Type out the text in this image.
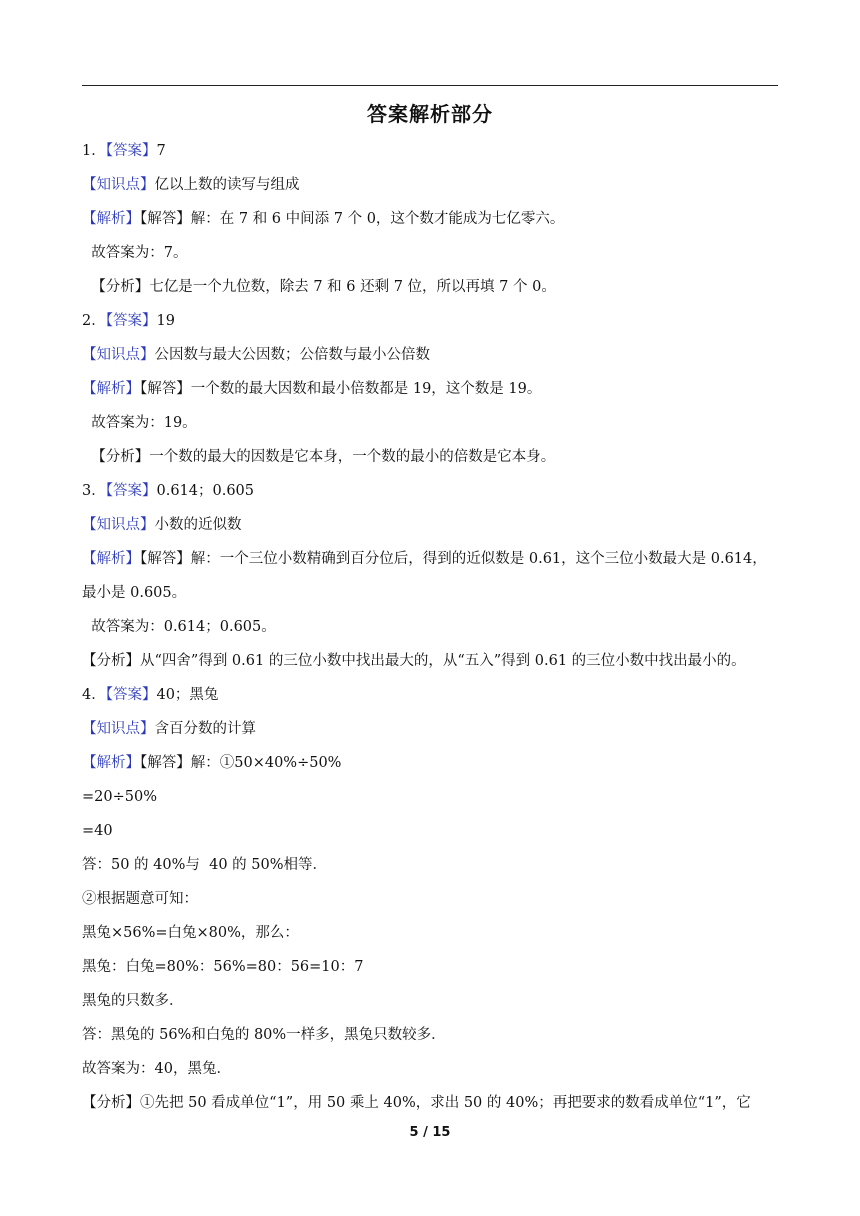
答案解析部分
1．【答案】7
【知识点】亿以上数的读写与组成
【解析】【解答】解：在 7 和 6 中间添 7 个 0，这个数才能成为七亿零六。
故答案为：7。
【分析】七亿是一个九位数，除去 7 和 6 还剩 7 位，所以再填 7 个 0。
2．【答案】19
【知识点】公因数与最大公因数；公倍数与最小公倍数
【解析】【解答】一个数的最大因数和最小倍数都是 19，这个数是 19。
故答案为：19。
【分析】一个数的最大的因数是它本身，一个数的最小的倍数是它本身。
3．【答案】0.614；0.605
【知识点】小数的近似数
【解析】【解答】解：一个三位小数精确到百分位后，得到的近似数是 0.61，这个三位小数最大是 0.614，
最小是 0.605。
故答案为：0.614；0.605。
【分析】从“四舍”得到 0.61 的三位小数中找出最大的，从“五入”得到 0.61 的三位小数中找出最小的。
4．【答案】40；黑兔
【知识点】含百分数的计算
【解析】【解答】解：①50×40%÷50%
=20÷50%
=40
答：50 的 40%与  40 的 50%相等．
②根据题意可知：
黑兔×56%=白兔×80%，那么：
黑兔：白兔=80%：56%=80：56=10：7
黑兔的只数多．
答：黑兔的 56%和白兔的 80%一样多，黑兔只数较多．
故答案为：40，黑兔．
【分析】①先把 50 看成单位“1”，用 50 乘上 40%，求出 50 的 40%；再把要求的数看成单位“1”，它
5 / 15
